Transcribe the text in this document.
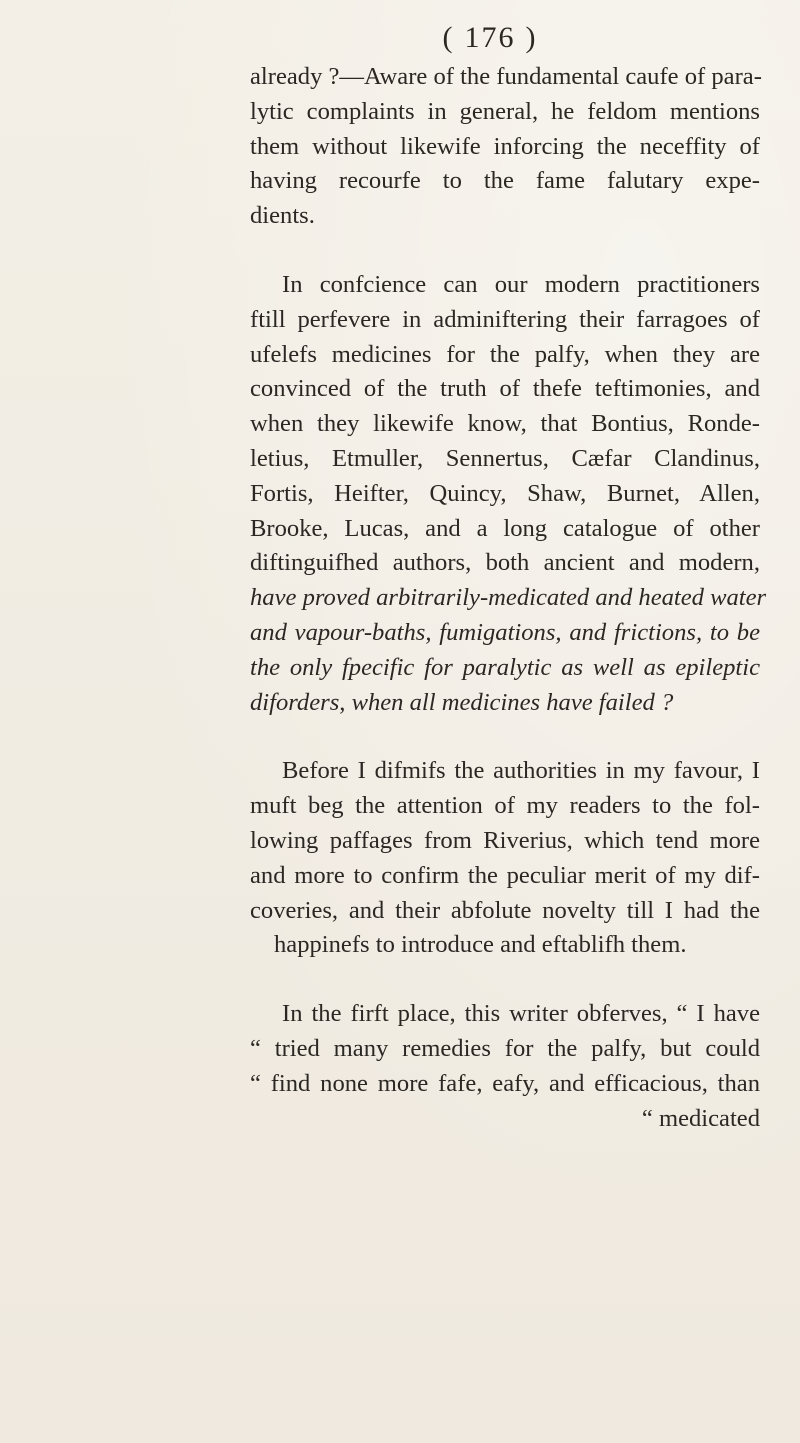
( 176 )

already ?—Aware of the fundamental caufe of para-
lytic complaints in general, he feldom mentions
them without likewife inforcing the neceffity of
having recourfe to the fame falutary expe-
dients.

In confcience can our modern practitioners

ftill perfevere in adminiftering their farragoes of
ufelefs medicines for the palfy, when they are
convinced of the truth of thefe teftimonies, and
when they likewife know, that Bontius, Ronde-
letius, Etmuller, Sennertus, Cæfar Clandinus,
Fortis, Heifter, Quincy, Shaw, Burnet, Allen,
Brooke, Lucas, and a long catalogue of other
diftinguifhed authors, both ancient and modern,
have proved arbitrarily-medicated and heated water
and vapour-baths, fumigations, and frictions, to be
the only fpecific for paralytic as well as epileptic
diforders, when all medicines have failed ?

Before I difmifs the authorities in my favour, I

muft beg the attention of my readers to the fol-
lowing paffages from Riverius, which tend more
and more to confirm the peculiar merit of my dif-
coveries, and their abfolute novelty till I had the
happinefs to introduce and eftablifh them.

In the firft place, this writer obferves, “ I have

“ tried many remedies for the palfy, but could
“ find none more fafe, eafy, and efficacious, than
“ medicated
